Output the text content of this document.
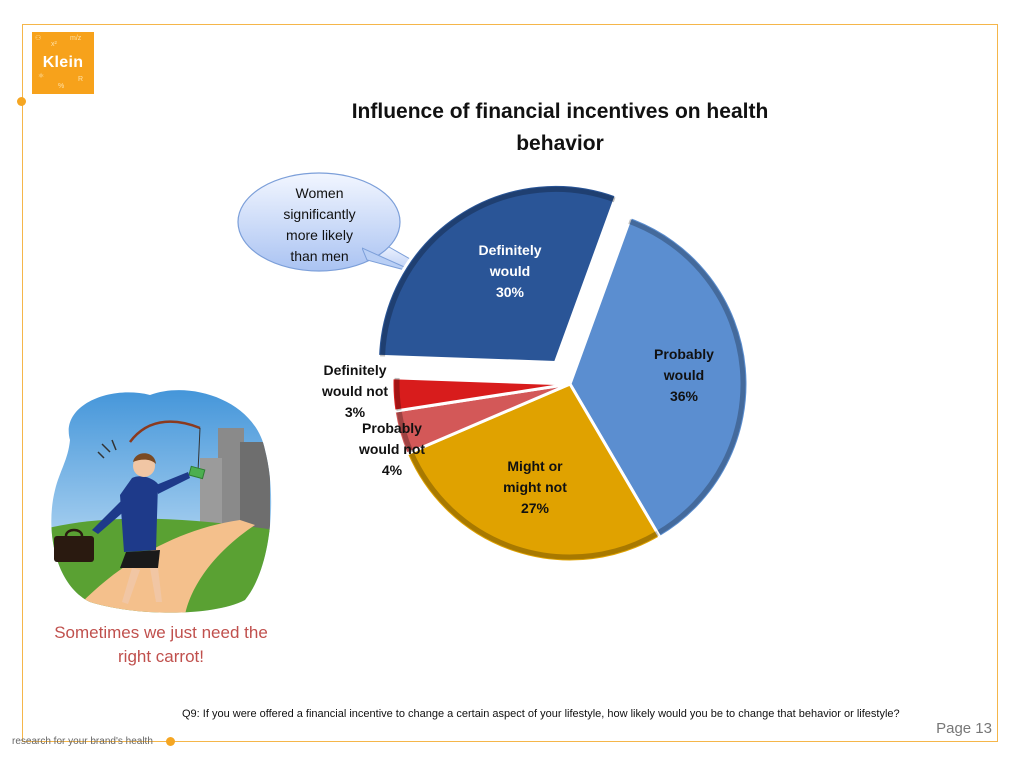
⚇
x²
m/z
Klein
⚛	R
%
Influence of financial incentives on health behavior
Women
significantly
more likely
than men	Definitely
would
30%
Probably
would
36%
Might or
might not
27%
Definitely
would not
3%
Probably
would not
4%
Sometimes we just need the right carrot!
Q9: If you were offered a financial incentive to change a certain aspect of your lifestyle, how likely would you be to change that behavior or lifestyle?
Page 13
research for your brand's health
